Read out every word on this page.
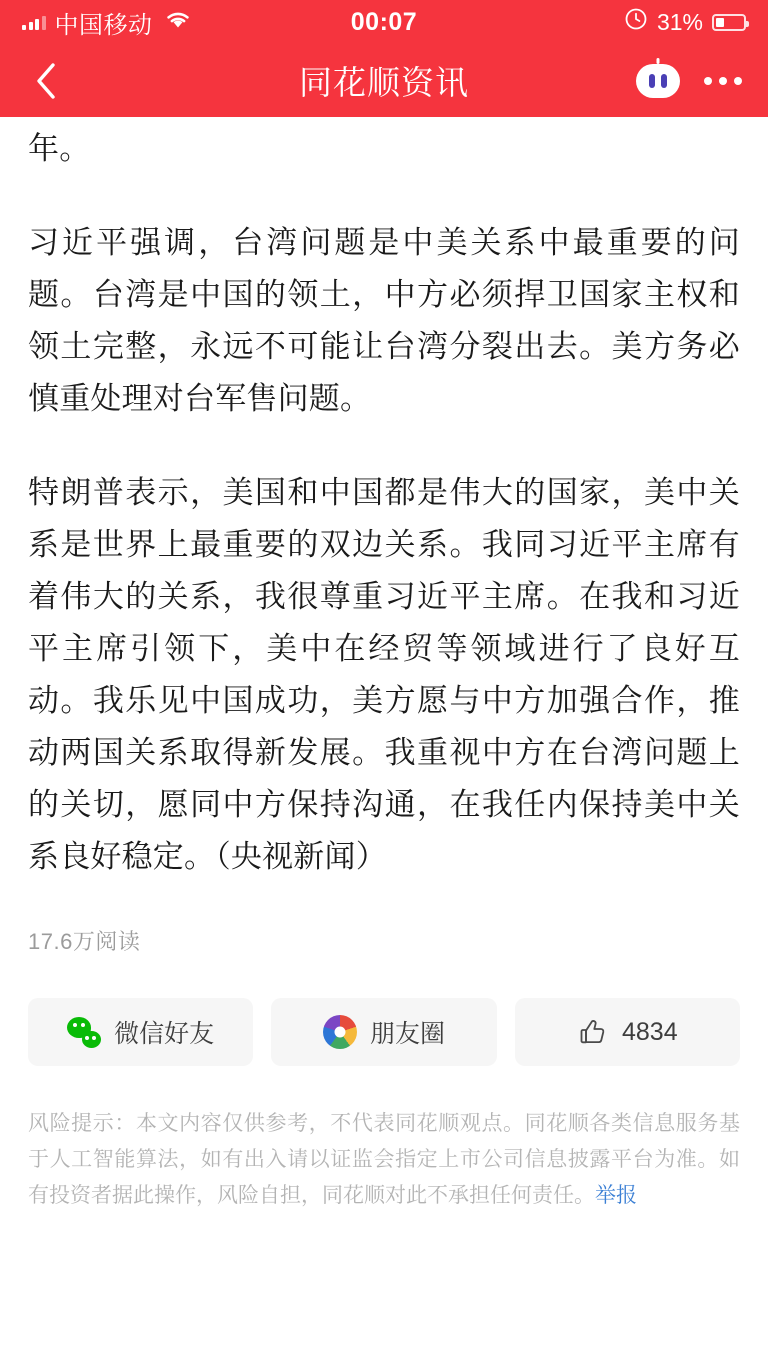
中国移动	00:07	31%
同花顺资讯

年。

习近平强调，台湾问题是中美关系中最重要的问题。台湾是中国的领土，中方必须捍卫国家主权和领土完整，永远不可能让台湾分裂出去。美方务必慎重处理对台军售问题。

特朗普表示，美国和中国都是伟大的国家，美中关系是世界上最重要的双边关系。我同习近平主席有着伟大的关系，我很尊重习近平主席。在我和习近平主席引领下，美中在经贸等领域进行了良好互动。我乐见中国成功，美方愿与中方加强合作，推动两国关系取得新发展。我重视中方在台湾问题上的关切，愿同中方保持沟通，在我任内保持美中关系良好稳定。（央视新闻）

17.6万阅读

微信好友	朋友圈	4834
风险提示：本文内容仅供参考，不代表同花顺观点。同花顺各类信息服务基于人工智能算法，如有出入请以证监会指定上市公司信息披露平台为准。如有投资者据此操作，风险自担，同花顺对此不承担任何责任。举报
